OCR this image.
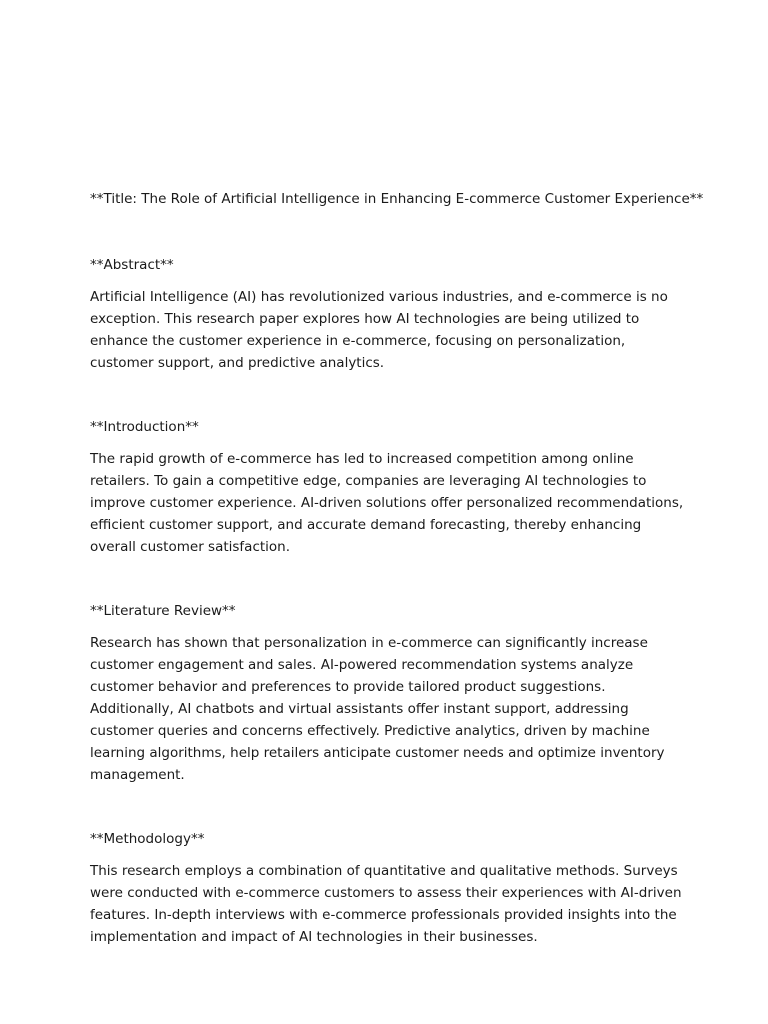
**Title: The Role of Artificial Intelligence in Enhancing E-commerce Customer Experience**
**Abstract**
Artificial Intelligence (AI) has revolutionized various industries, and e-commerce is no exception. This research paper explores how AI technologies are being utilized to enhance the customer experience in e-commerce, focusing on personalization, customer support, and predictive analytics.
**Introduction**
The rapid growth of e-commerce has led to increased competition among online retailers. To gain a competitive edge, companies are leveraging AI technologies to improve customer experience. AI-driven solutions offer personalized recommendations, efficient customer support, and accurate demand forecasting, thereby enhancing overall customer satisfaction.
**Literature Review**
Research has shown that personalization in e-commerce can significantly increase customer engagement and sales. AI-powered recommendation systems analyze customer behavior and preferences to provide tailored product suggestions. Additionally, AI chatbots and virtual assistants offer instant support, addressing customer queries and concerns effectively. Predictive analytics, driven by machine learning algorithms, help retailers anticipate customer needs and optimize inventory management.
**Methodology**
This research employs a combination of quantitative and qualitative methods. Surveys were conducted with e-commerce customers to assess their experiences with AI-driven features. In-depth interviews with e-commerce professionals provided insights into the implementation and impact of AI technologies in their businesses.
